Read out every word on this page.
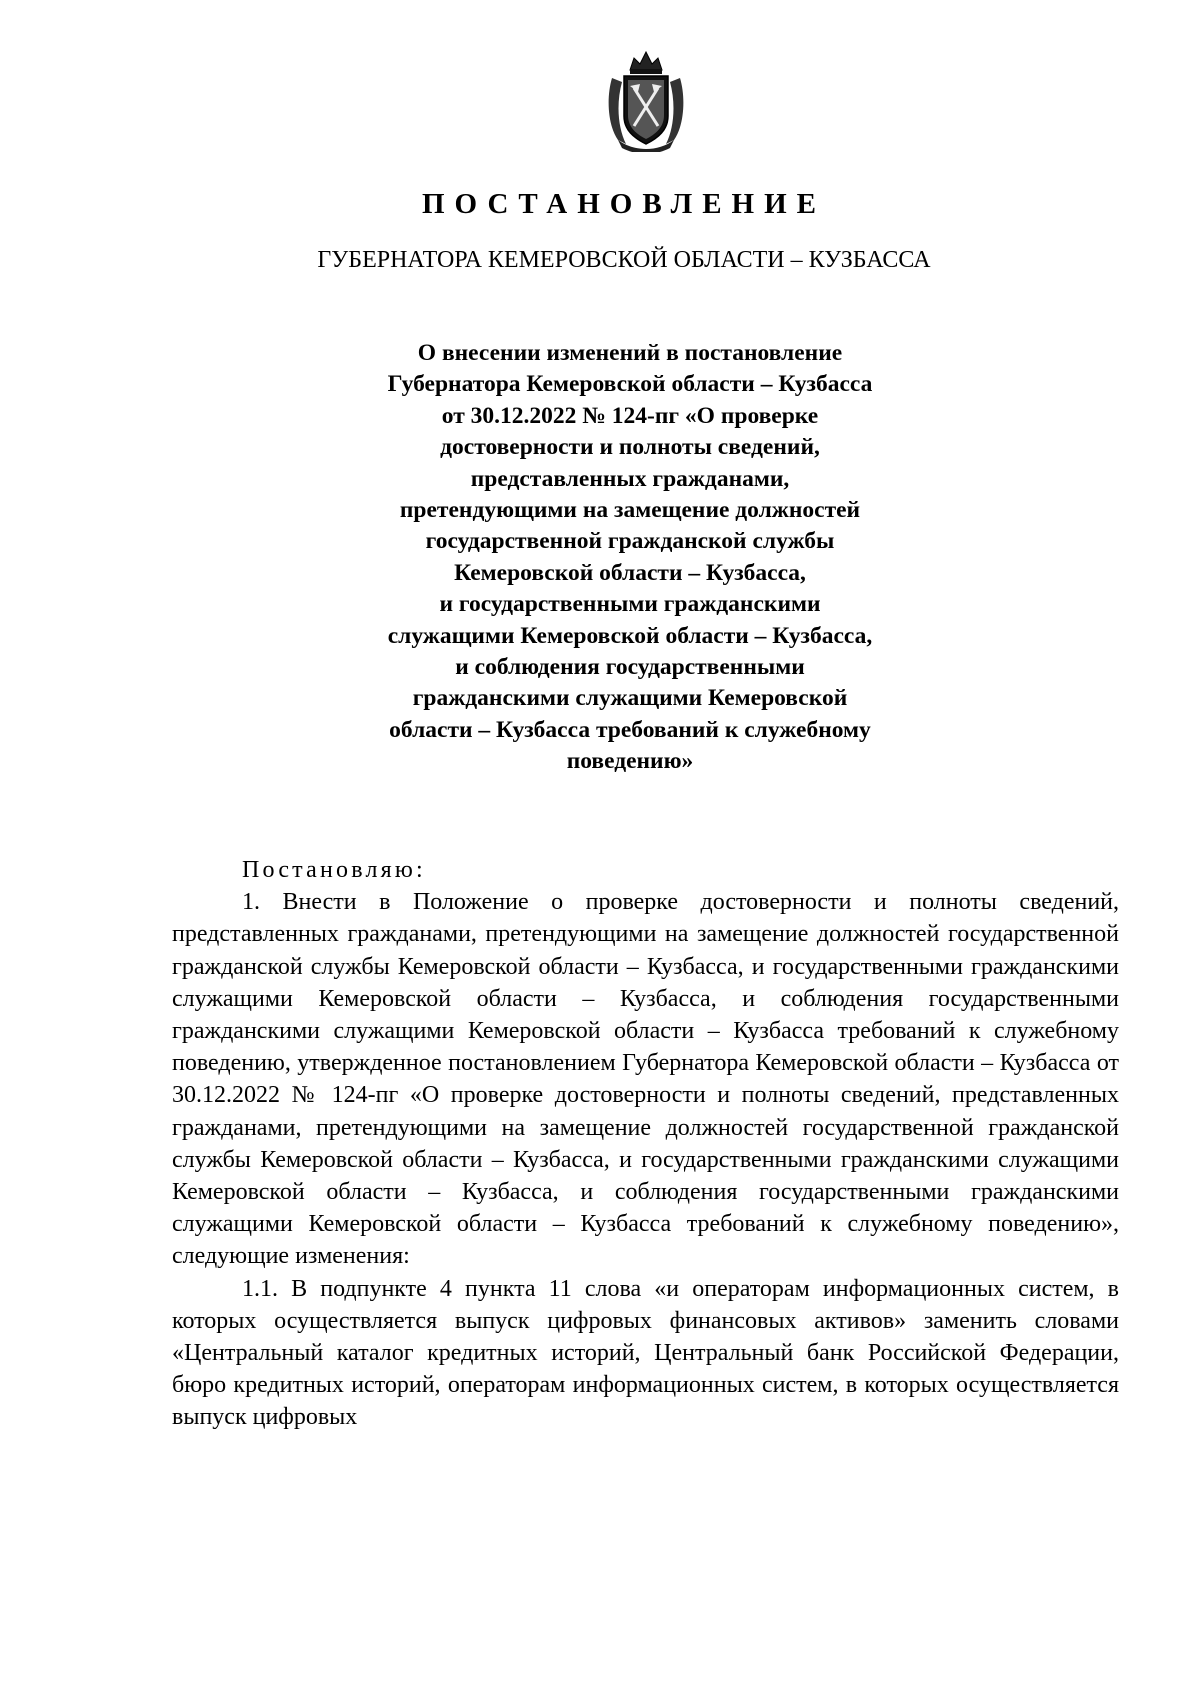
ПОСТАНОВЛЕНИЕ
ГУБЕРНАТОРА КЕМЕРОВСКОЙ ОБЛАСТИ – КУЗБАССА
О внесении изменений в постановление
Губернатора Кемеровской области – Кузбасса
от 30.12.2022 № 124-пг «О проверке
достоверности и полноты сведений,
представленных гражданами,
претендующими на замещение должностей
государственной гражданской службы
Кемеровской области – Кузбасса,
и государственными гражданскими
служащими Кемеровской области – Кузбасса,
и соблюдения государственными
гражданскими служащими Кемеровской
области – Кузбасса требований к служебному
поведению»
Постановляю:

1. Внести в Положение о проверке достоверности и полноты сведений, представленных гражданами, претендующими на замещение должностей государственной гражданской службы Кемеровской области – Кузбасса, и государственными гражданскими служащими Кемеровской области – Кузбасса, и соблюдения государственными гражданскими служащими Кемеровской области – Кузбасса требований к служебному поведению, утвержденное постановлением Губернатора Кемеровской области – Кузбасса от 30.12.2022 № 124-пг «О проверке достоверности и полноты сведений, представленных гражданами, претендующими на замещение должностей государственной гражданской службы Кемеровской области – Кузбасса, и государственными гражданскими служащими Кемеровской области – Кузбасса, и соблюдения государственными гражданскими служащими Кемеровской области – Кузбасса требований к служебному поведению», следующие изменения:

1.1. В подпункте 4 пункта 11 слова «и операторам информационных систем, в которых осуществляется выпуск цифровых финансовых активов» заменить словами «Центральный каталог кредитных историй, Центральный банк Российской Федерации, бюро кредитных историй, операторам информационных систем, в которых осуществляется выпуск цифровых
